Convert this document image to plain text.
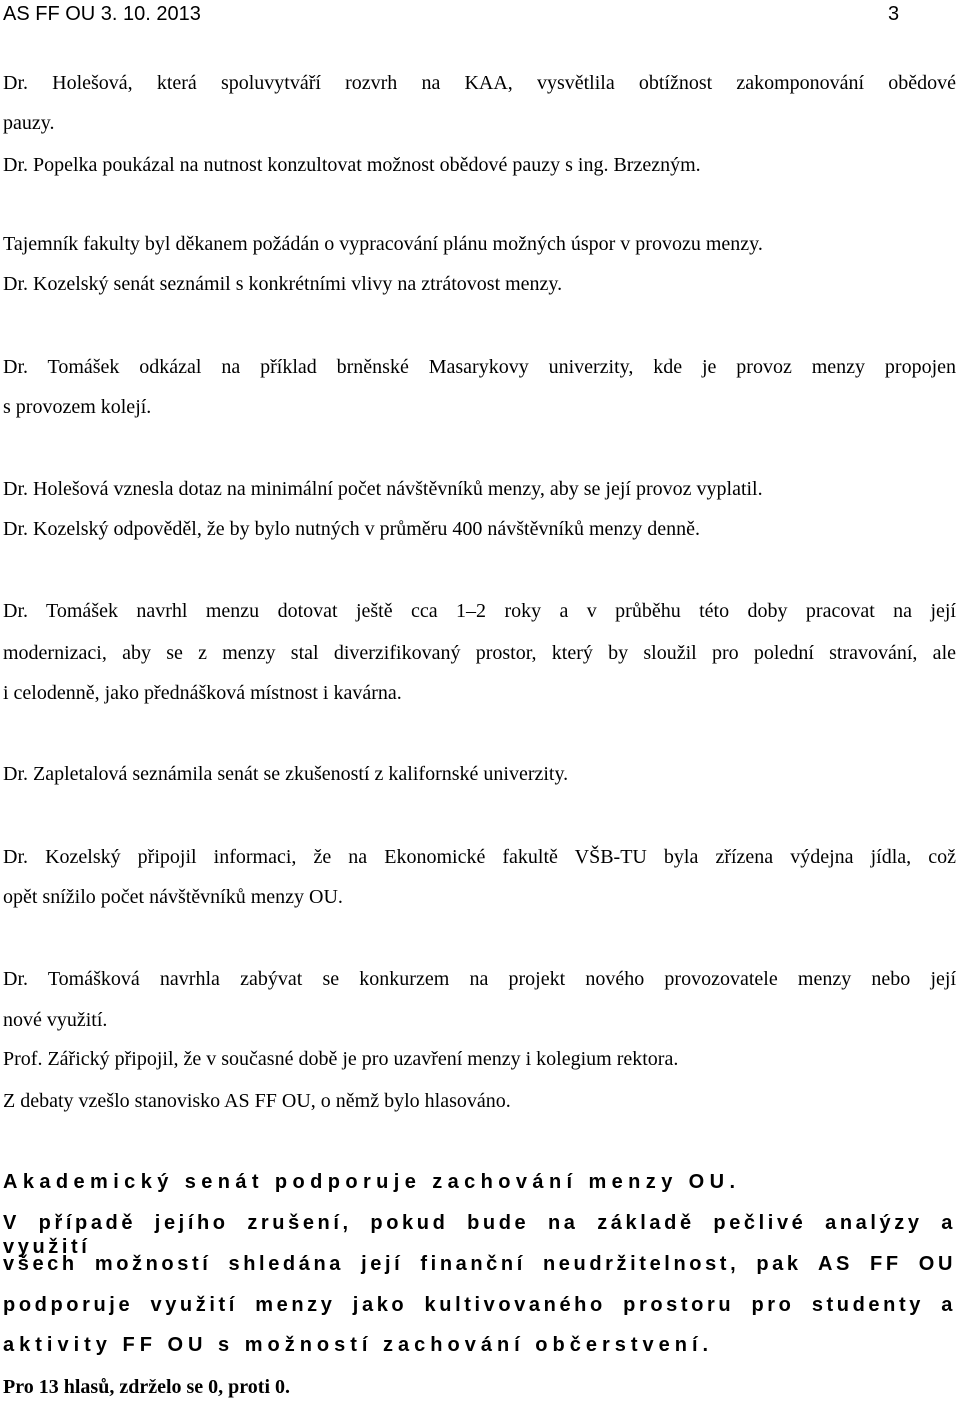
AS FF OU 3. 10. 2013	3
Dr. Holešová, která spoluvytváří rozvrh na KAA, vysvětlila obtížnost zakomponování obědové
pauzy.
Dr. Popelka poukázal na nutnost konzultovat možnost obědové pauzy s ing. Brzezným.
Tajemník fakulty byl děkanem požádán o vypracování plánu možných úspor v provozu menzy.
Dr. Kozelský senát seznámil s konkrétními vlivy na ztrátovost menzy.
Dr. Tomášek odkázal na příklad brněnské Masarykovy univerzity, kde je provoz menzy propojen
s provozem kolejí.
Dr. Holešová vznesla dotaz na minimální počet návštěvníků menzy, aby se její provoz vyplatil.
Dr. Kozelský odpověděl, že by bylo nutných v průměru 400 návštěvníků menzy denně.
Dr. Tomášek navrhl menzu dotovat ještě cca 1–2 roky a v průběhu této doby pracovat na její
modernizaci, aby se z menzy stal diverzifikovaný prostor, který by sloužil pro polední stravování, ale
i celodenně, jako přednášková místnost i kavárna.
Dr. Zapletalová seznámila senát se zkušeností z kalifornské univerzity.
Dr. Kozelský připojil informaci, že na Ekonomické fakultě VŠB-TU byla zřízena výdejna jídla, což
opět snížilo počet návštěvníků menzy OU.
Dr. Tomášková navrhla zabývat se konkurzem na projekt nového provozovatele menzy nebo její
nové využití.
Prof. Zářický připojil, že v současné době je pro uzavření menzy i kolegium rektora.
Z debaty vzešlo stanovisko AS FF OU, o němž bylo hlasováno.
Akademický senát podporuje zachování menzy OU.
V případě jejího zrušení, pokud bude na základě pečlivé analýzy a využití
všech možností shledána její finanční neudržitelnost, pak AS FF OU
podporuje využití menzy jako kultivovaného prostoru pro studenty a
aktivity FF OU s možností zachování občerstvení.
Pro 13 hlasů, zdrželo se 0, proti 0.
